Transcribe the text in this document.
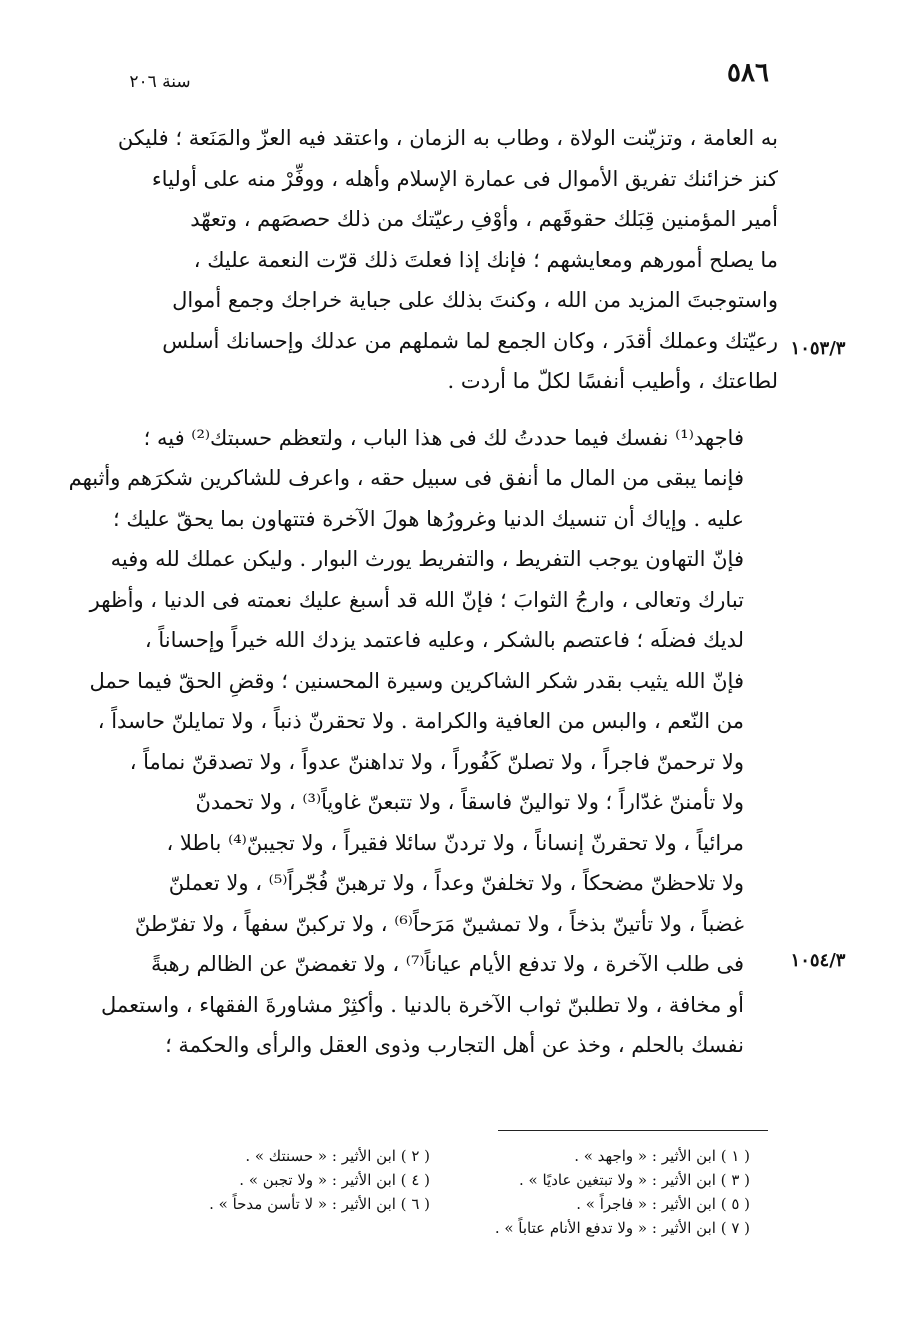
٥٨٦
سنة ٢٠٦
١٠٥٣/٣
١٠٥٤/٣
به العامة ، وتزيّنت الولاة ، وطاب به الزمان ، واعتقد فيه العزّ والمَنَعة ؛ فليكن
كنز خزائنك تفريق الأموال فى عمارة الإسلام وأهله ، ووفِّرْ منه على أولياء
أمير المؤمنين قِبَلك حقوقَهم ، وأوْفِ رعيّتك من ذلك حصصَهم ، وتعهّد
ما يصلح أمورهم ومعايشهم ؛ فإنك إذا فعلتَ ذلك قرّت النعمة عليك ،
واستوجبتَ المزيد من الله ، وكنتَ بذلك على جباية خراجك وجمع أموال
رعيّتك وعملك أقدَر ، وكان الجمع لما شملهم من عدلك وإحسانك أسلس
لطاعتك ، وأطيب أنفسًا لكلّ ما أردت .
فاجهد⁽¹⁾ نفسك فيما حددتُ لك فى هذا الباب ، ولتعظم حسبتك⁽²⁾ فيه ؛
فإنما يبقى من المال ما أنفق فى سبيل حقه ، واعرف للشاكرين شكرَهم وأثبهم
عليه . وإياك أن تنسيك الدنيا وغرورُها هولَ الآخرة فتتهاون بما يحقّ عليك ؛
فإنّ التهاون يوجب التفريط ، والتفريط يورث البوار . وليكن عملك لله وفيه
تبارك وتعالى ، وارجُ الثوابَ ؛ فإنّ الله قد أسبغ عليك نعمته فى الدنيا ، وأظهر
لديك فضلَه ؛ فاعتصم بالشكر ، وعليه فاعتمد يزدك الله خيراً وإحساناً ،
فإنّ الله يثيب بقدر شكر الشاكرين وسيرة المحسنين ؛ وقضِ الحقّ فيما حمل
من النّعم ، والبس من العافية والكرامة . ولا تحقرنّ ذنباً ، ولا تمايلنّ حاسداً ،
ولا ترحمنّ فاجراً ، ولا تصلنّ كَفُوراً ، ولا تداهننّ عدواً ، ولا تصدقنّ نماماً ،
ولا تأمننّ غدّاراً ؛ ولا توالينّ فاسقاً ، ولا تتبعنّ غاوياً⁽³⁾ ، ولا تحمدنّ
مرائياً ، ولا تحقرنّ إنساناً ، ولا تردنّ سائلا فقيراً ، ولا تجيبنّ⁽⁴⁾ باطلا ،
ولا تلاحظنّ مضحكاً ، ولا تخلفنّ وعداً ، ولا ترهبنّ فُجّراً⁽⁵⁾ ، ولا تعملنّ
غضباً ، ولا تأتينّ بذخاً ، ولا تمشينّ مَرَحاً⁽⁶⁾ ، ولا تركبنّ سفهاً ، ولا تفرّطنّ
فى طلب الآخرة ، ولا تدفع الأيام عياناً⁽⁷⁾ ، ولا تغمضنّ عن الظالم رهبةً
أو مخافة ، ولا تطلبنّ ثواب الآخرة بالدنيا . وأكثِرْ مشاورةَ الفقهاء ، واستعمل
نفسك بالحلم ، وخذ عن أهل التجارب وذوى العقل والرأى والحكمة ؛
( ١ ) ابن الأثير : « واجهد » .
( ٣ ) ابن الأثير : « ولا تبتغين عاديًا » .
( ٥ ) ابن الأثير : « فاجراً » .
( ٧ ) ابن الأثير : « ولا تدفع الأنام عتاباً » .
( ٢ ) ابن الأثير : « حسنتك » .
( ٤ ) ابن الأثير : « ولا تجبن » .
( ٦ ) ابن الأثير : « لا تأسن مدحاً » .
